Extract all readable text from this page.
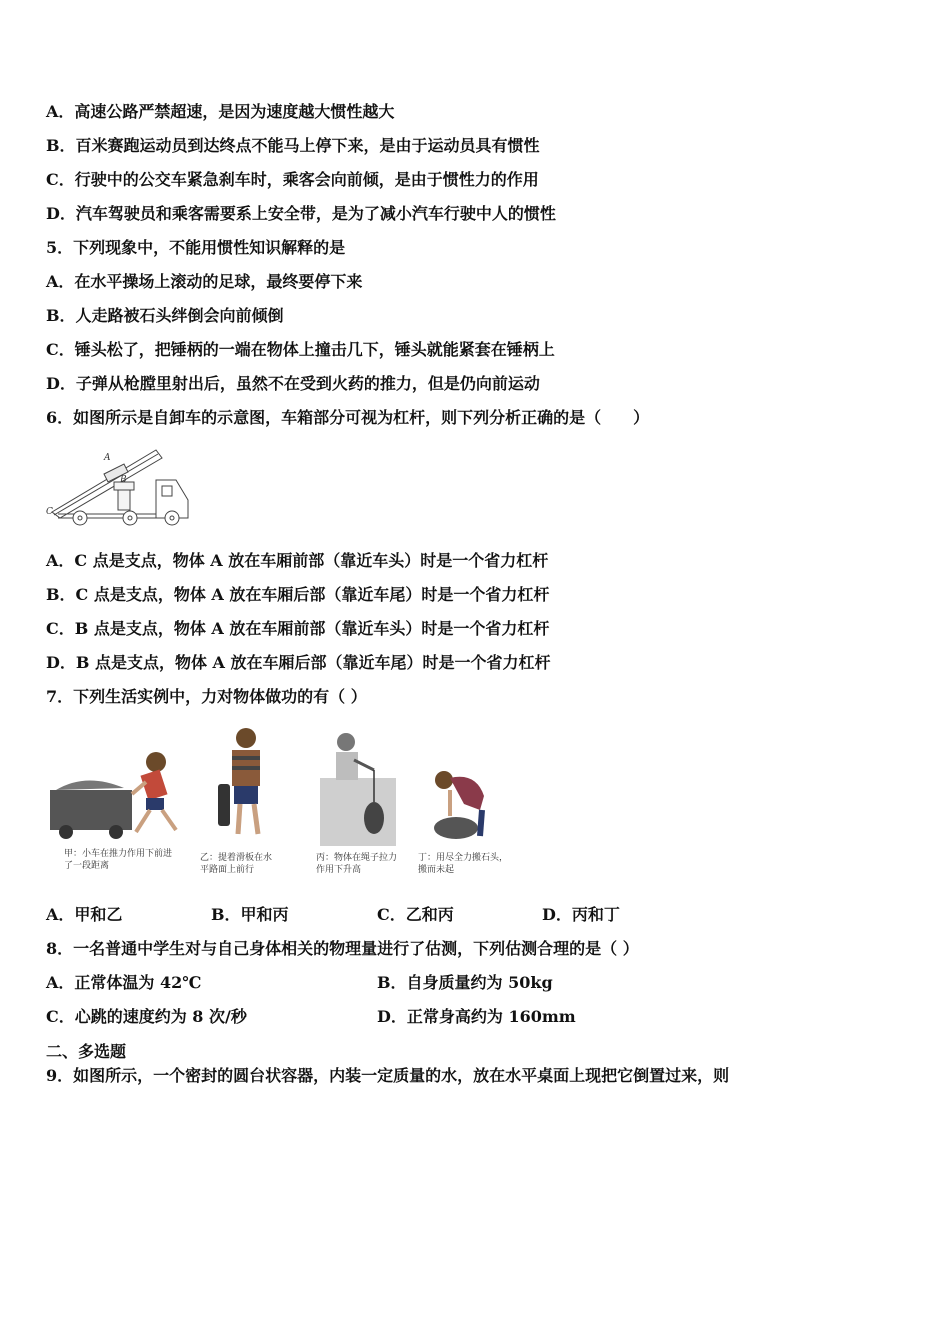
A．高速公路严禁超速，是因为速度越大惯性越大
B．百米赛跑运动员到达终点不能马上停下来，是由于运动员具有惯性
C．行驶中的公交车紧急刹车时，乘客会向前倾，是由于惯性力的作用
D．汽车驾驶员和乘客需要系上安全带，是为了减小汽车行驶中人的惯性
5．下列现象中，不能用惯性知识解释的是
A．在水平操场上滚动的足球，最终要停下来
B．人走路被石头绊倒会向前倾倒
C．锤头松了，把锤柄的一端在物体上撞击几下，锤头就能紧套在锤柄上
D．子弹从枪膛里射出后，虽然不在受到火药的推力，但是仍向前运动
6．如图所示是自卸车的示意图，车箱部分可视为杠杆，则下列分析正确的是（　　）
A
B
C
A．C 点是支点，物体 A 放在车厢前部（靠近车头）时是一个省力杠杆
B．C 点是支点，物体 A 放在车厢后部（靠近车尾）时是一个省力杠杆
C．B 点是支点，物体 A 放在车厢前部（靠近车头）时是一个省力杠杆
D．B 点是支点，物体 A 放在车厢后部（靠近车尾）时是一个省力杠杆
7．下列生活实例中，力对物体做功的有（ ）
甲：小车在推力作用下前进了一段距离
乙：提着滑板在水平路面上前行
丙：物体在绳子拉力作用下升高
丁：用尽全力搬石头，搬而未起
A．甲和乙	B．甲和丙	C．乙和丙	D．丙和丁
8．一名普通中学生对与自己身体相关的物理量进行了估测，下列估测合理的是（ ）
A．正常体温为 42℃	B．自身质量约为 50kg
C．心跳的速度约为 8 次/秒	D．正常身高约为 160mm
二、多选题
9．如图所示，一个密封的圆台状容器，内装一定质量的水，放在水平桌面上现把它倒置过来，则
